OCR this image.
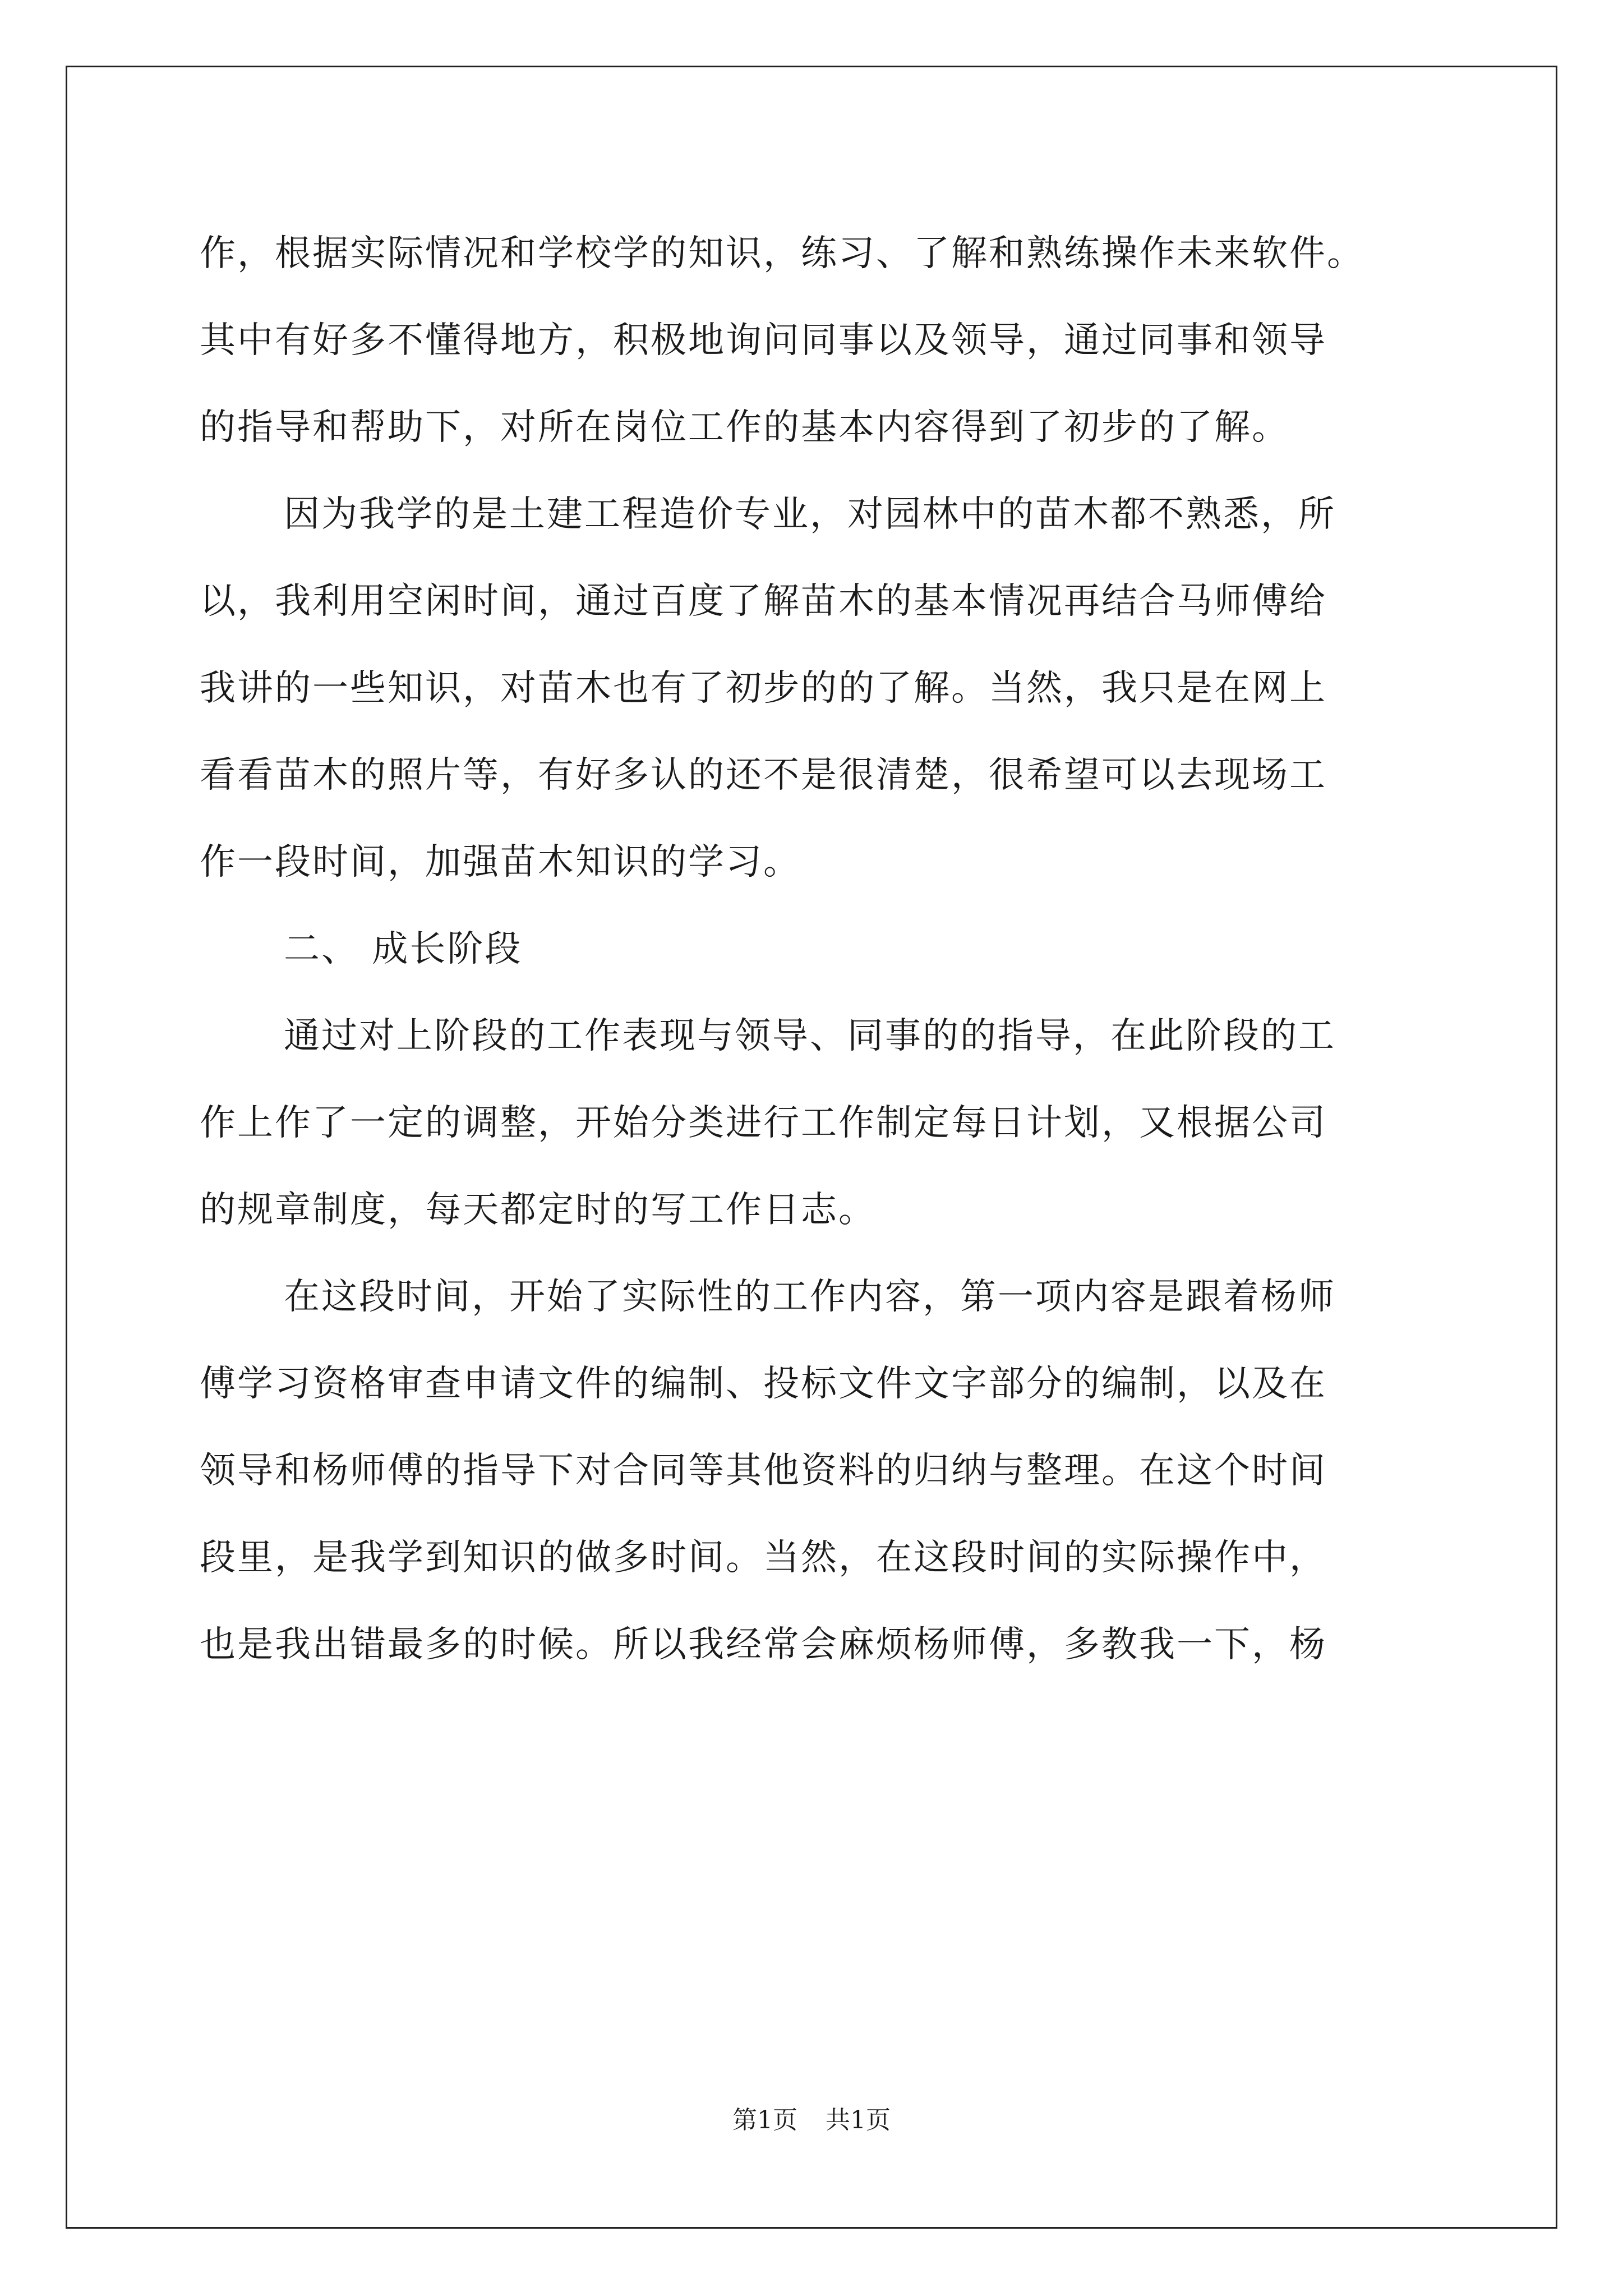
作，根据实际情况和学校学的知识，练习、了解和熟练操作未来软件。
其中有好多不懂得地方，积极地询问同事以及领导，通过同事和领导
的指导和帮助下，对所在岗位工作的基本内容得到了初步的了解。
因为我学的是土建工程造价专业，对园林中的苗木都不熟悉，所
以，我利用空闲时间，通过百度了解苗木的基本情况再结合马师傅给
我讲的一些知识，对苗木也有了初步的的了解。当然，我只是在网上
看看苗木的照片等，有好多认的还不是很清楚，很希望可以去现场工
作一段时间，加强苗木知识的学习。
二、 成长阶段
通过对上阶段的工作表现与领导、同事的的指导，在此阶段的工
作上作了一定的调整，开始分类进行工作制定每日计划，又根据公司
的规章制度，每天都定时的写工作日志。
在这段时间，开始了实际性的工作内容，第一项内容是跟着杨师
傅学习资格审查申请文件的编制、投标文件文字部分的编制，以及在
领导和杨师傅的指导下对合同等其他资料的归纳与整理。在这个时间
段里，是我学到知识的做多时间。当然，在这段时间的实际操作中，
也是我出错最多的时候。所以我经常会麻烦杨师傅，多教我一下，杨
第1页 共1页
